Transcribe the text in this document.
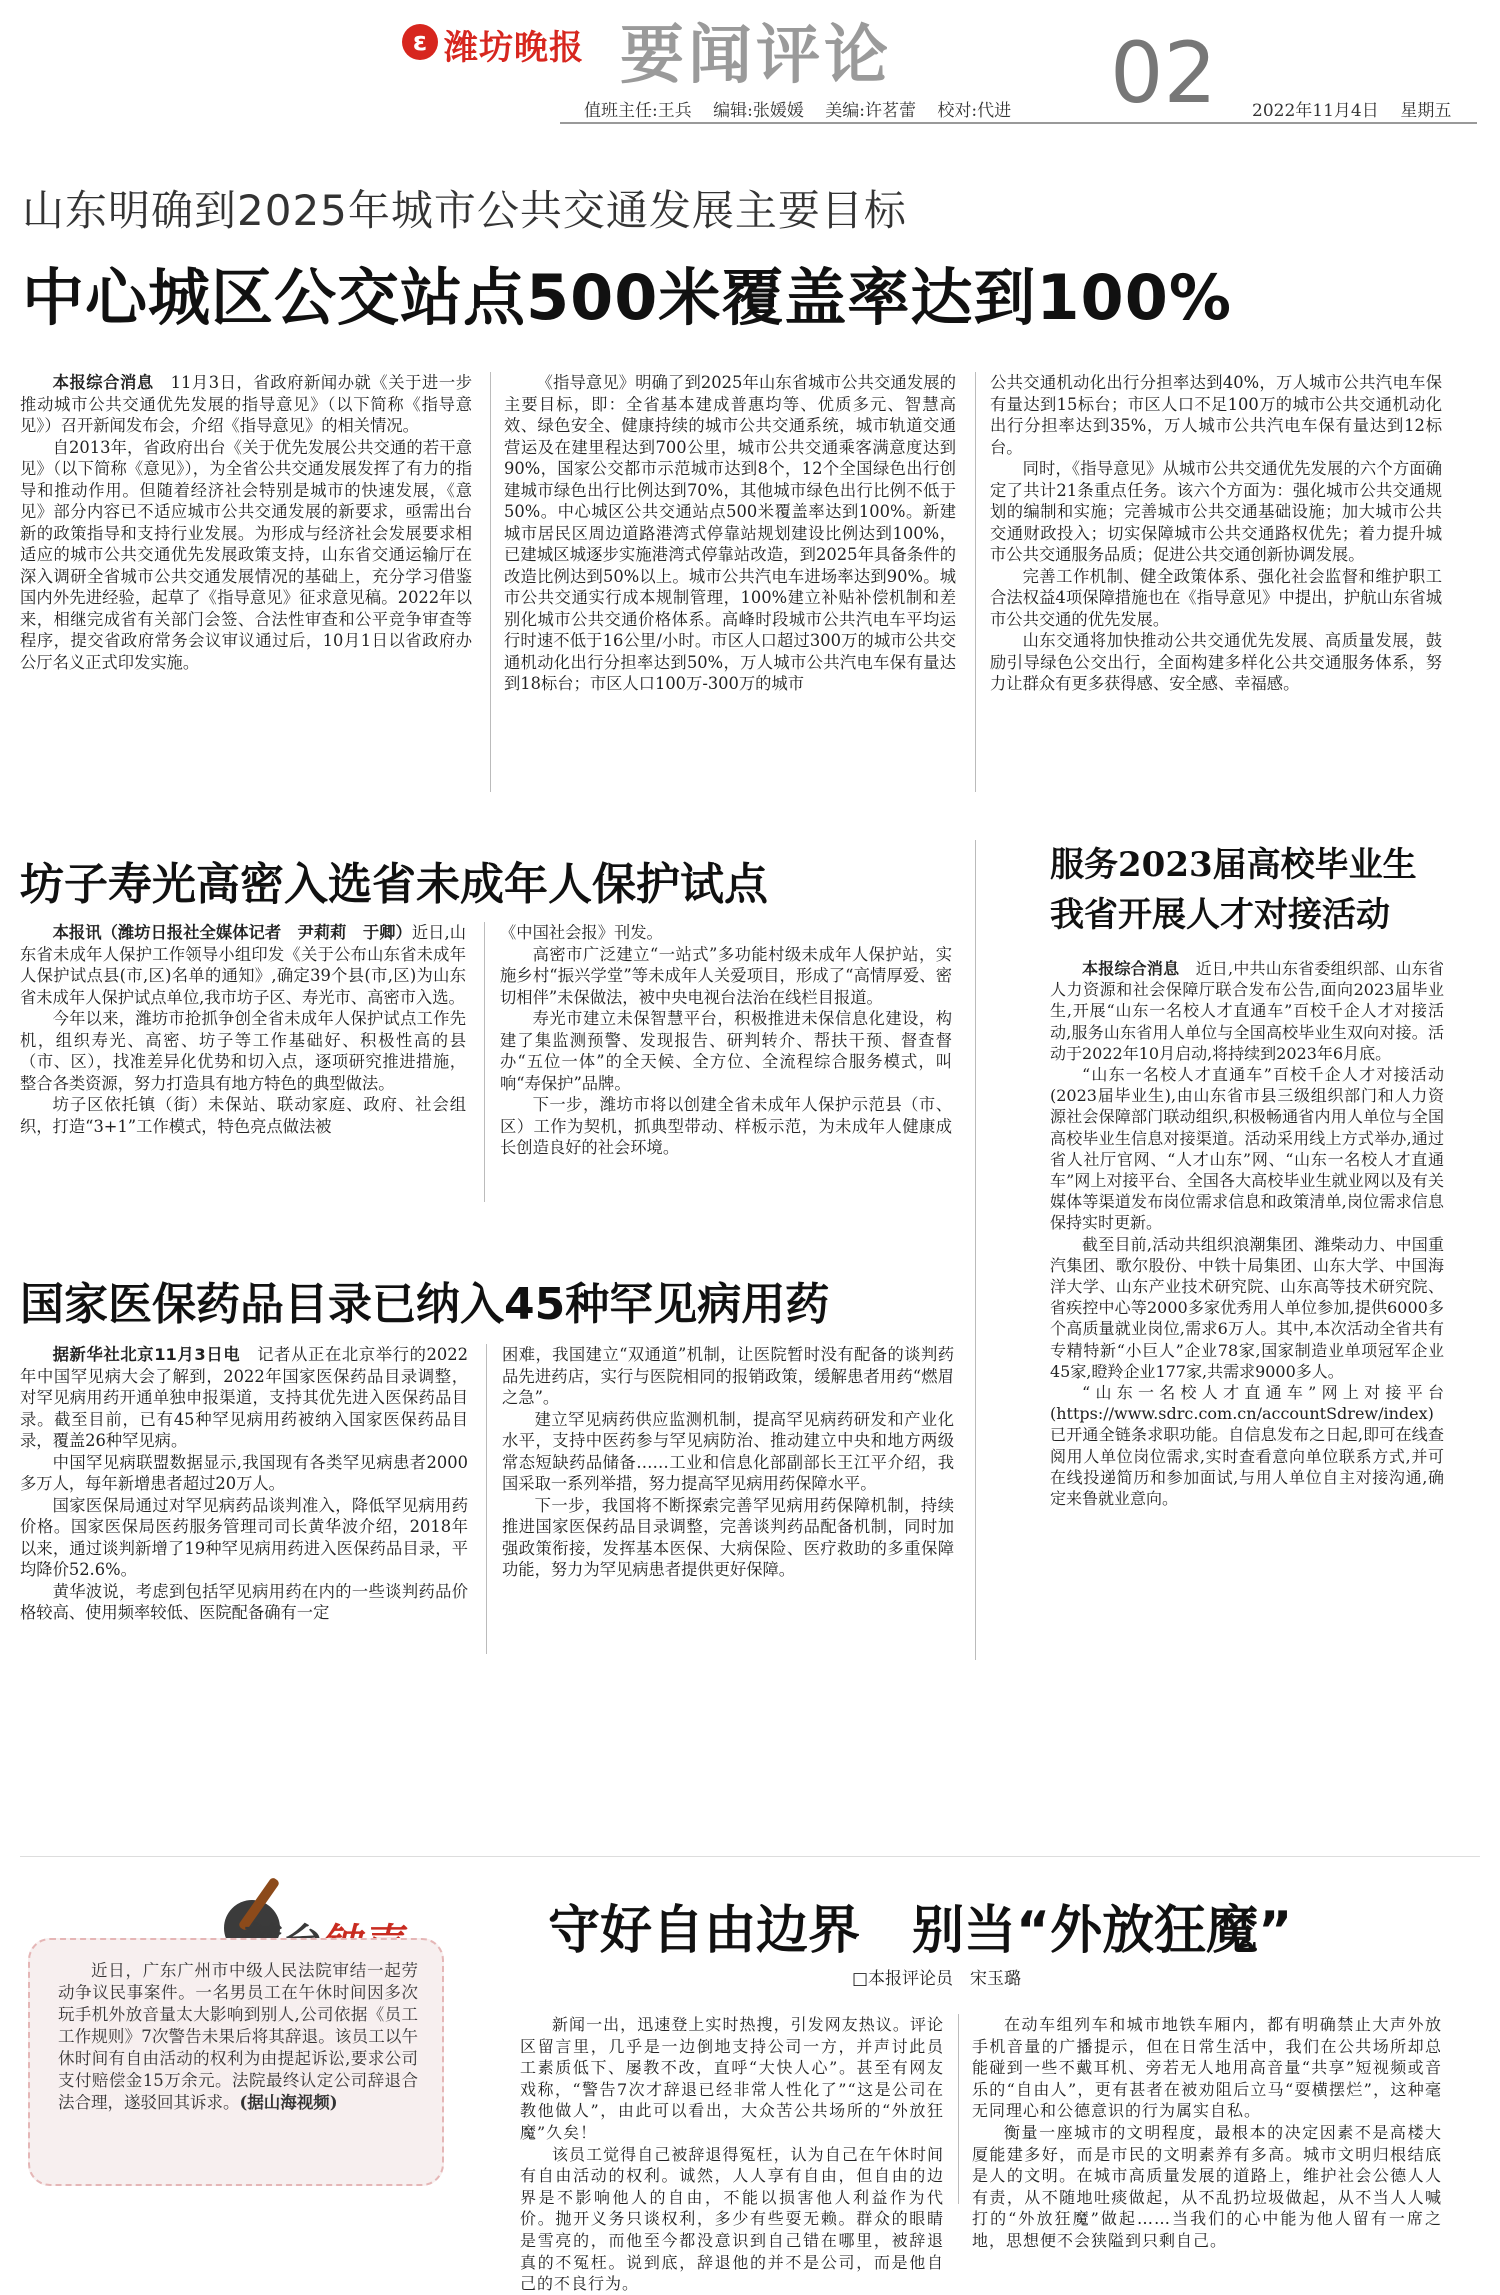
ε 潍坊晚报 要闻评论	02
值班主任:王兵 编辑:张媛媛 美编:许茗蕾 校对:代进	2022年11月4日 星期五
山东明确到2025年城市公共交通发展主要目标
中心城区公交站点500米覆盖率达到100%

本报综合消息　 11月3日，省政府新闻办就《关于进一步推动城市公共交通优先发展的指导意见》（以下简称《指导意见》）召开新闻发布会，介绍《指导意见》的相关情况。

自2013年，省政府出台《关于优先发展公共交通的若干意见》（以下简称《意见》），为全省公共交通发展发挥了有力的指导和推动作用。但随着经济社会特别是城市的快速发展，《意见》部分内容已不适应城市公共交通发展的新要求，亟需出台新的政策指导和支持行业发展。为形成与经济社会发展要求相适应的城市公共交通优先发展政策支持，山东省交通运输厅在深入调研全省城市公共交通发展情况的基础上，充分学习借鉴国内外先进经验，起草了《指导意见》征求意见稿。2022年以来，相继完成省有关部门会签、合法性审查和公平竞争审查等程序，提交省政府常务会议审议通过后，10月1日以省政府办公厅名义正式印发实施。

《指导意见》明确了到2025年山东省城市公共交通发展的主要目标，即：全省基本建成普惠均等、优质多元、智慧高效、绿色安全、健康持续的城市公共交通系统，城市轨道交通营运及在建里程达到700公里，城市公共交通乘客满意度达到90%，国家公交都市示范城市达到8个，12个全国绿色出行创建城市绿色出行比例达到70%，其他城市绿色出行比例不低于50%。中心城区公共交通站点500米覆盖率达到100%。新建城市居民区周边道路港湾式停靠站规划建设比例达到100%，已建城区城逐步实施港湾式停靠站改造，到2025年具备条件的改造比例达到50%以上。城市公共汽电车进场率达到90%。城市公共交通实行成本规制管理，100%建立补贴补偿机制和差别化城市公共交通价格体系。高峰时段城市公共汽电车平均运行时速不低于16公里/小时。市区人口超过300万的城市公共交通机动化出行分担率达到50%，万人城市公共汽电车保有量达到18标台；市区人口100万-300万的城市

公共交通机动化出行分担率达到40%，万人城市公共汽电车保有量达到15标台；市区人口不足100万的城市公共交通机动化出行分担率达到35%，万人城市公共汽电车保有量达到12标台。

同时，《指导意见》从城市公共交通优先发展的六个方面确定了共计21条重点任务。该六个方面为：强化城市公共交通规划的编制和实施；完善城市公共交通基础设施；加大城市公共交通财政投入；切实保障城市公共交通路权优先；着力提升城市公共交通服务品质；促进公共交通创新协调发展。

完善工作机制、健全政策体系、强化社会监督和维护职工合法权益4项保障措施也在《指导意见》中提出，护航山东省城市公共交通的优先发展。

山东交通将加快推动公共交通优先发展、高质量发展，鼓励引导绿色公交出行，全面构建多样化公共交通服务体系，努力让群众有更多获得感、安全感、幸福感。

坊子寿光高密入选省未成年人保护试点

本报讯（潍坊日报社全媒体记者　尹莉莉　于卿）近日,山东省未成年人保护工作领导小组印发《关于公布山东省未成年人保护试点县(市,区)名单的通知》,确定39个县(市,区)为山东省未成年人保护试点单位,我市坊子区、寿光市、高密市入选。

今年以来，潍坊市抢抓争创全省未成年人保护试点工作先机，组织寿光、高密、坊子等工作基础好、积极性高的县（市、区），找准差异化优势和切入点，逐项研究推进措施，整合各类资源，努力打造具有地方特色的典型做法。

坊子区依托镇（街）未保站、联动家庭、政府、社会组织，打造“3+1”工作模式，特色亮点做法被

《中国社会报》刊发。

高密市广泛建立“一站式”多功能村级未成年人保护站，实施乡村“振兴学堂”等未成年人关爱项目，形成了“高情厚爱、密切相伴”未保做法，被中央电视台法治在线栏目报道。

寿光市建立未保智慧平台，积极推进未保信息化建设，构建了集监测预警、发现报告、研判转介、帮扶干预、督查督办“五位一体”的全天候、全方位、全流程综合服务模式，叫响“寿保护”品牌。

下一步，潍坊市将以创建全省未成年人保护示范县（市、区）工作为契机，抓典型带动、样板示范，为未成年人健康成长创造良好的社会环境。

国家医保药品目录已纳入45种罕见病用药

据新华社北京11月3日电　 记者从正在北京举行的2022年中国罕见病大会了解到，2022年国家医保药品目录调整，对罕见病用药开通单独申报渠道，支持其优先进入医保药品目录。截至目前，已有45种罕见病用药被纳入国家医保药品目录，覆盖26种罕见病。

中国罕见病联盟数据显示,我国现有各类罕见病患者2000多万人，每年新增患者超过20万人。

国家医保局通过对罕见病药品谈判准入，降低罕见病用药价格。国家医保局医药服务管理司司长黄华波介绍，2018年以来，通过谈判新增了19种罕见病用药进入医保药品目录，平均降价52.6%。

黄华波说，考虑到包括罕见病用药在内的一些谈判药品价格较高、使用频率较低、医院配备确有一定

困难，我国建立“双通道”机制，让医院暂时没有配备的谈判药品先进药店，实行与医院相同的报销政策，缓解患者用药“燃眉之急”。

建立罕见病药供应监测机制，提高罕见病药研发和产业化水平，支持中医药参与罕见病防治、推动建立中央和地方两级常态短缺药品储备……工业和信息化部副部长王江平介绍，我国采取一系列举措，努力提高罕见病用药保障水平。

下一步，我国将不断探索完善罕见病用药保障机制，持续推进国家医保药品目录调整，完善谈判药品配备机制，同时加强政策衔接，发挥基本医保、大病保险、医疗救助的多重保障功能，努力为罕见病患者提供更好保障。

服务2023届高校毕业生
我省开展人才对接活动

本报综合消息　 近日,中共山东省委组织部、山东省人力资源和社会保障厅联合发布公告,面向2023届毕业生,开展“山东一名校人才直通车”百校千企人才对接活动,服务山东省用人单位与全国高校毕业生双向对接。活动于2022年10月启动,将持续到2023年6月底。

“山东一名校人才直通车”百校千企人才对接活动(2023届毕业生),由山东省市县三级组织部门和人力资源社会保障部门联动组织,积极畅通省内用人单位与全国高校毕业生信息对接渠道。活动采用线上方式举办,通过省人社厅官网、“人才山东”网、“山东一名校人才直通车”网上对接平台、全国各大高校毕业生就业网以及有关媒体等渠道发布岗位需求信息和政策清单,岗位需求信息保持实时更新。

截至目前,活动共组织浪潮集团、潍柴动力、中国重汽集团、歌尔股份、中铁十局集团、山东大学、中国海洋大学、山东产业技术研究院、山东高等技术研究院、省疾控中心等2000多家优秀用人单位参加,提供6000多个高质量就业岗位,需求6万人。其中,本次活动全省共有专精特新“小巨人”企业78家,国家制造业单项冠军企业45家,瞪羚企业177家,共需求9000多人。

“山东一名校人才直通车”网上对接平台(https://www.sdrc.com.cn/accountSdrew/index)已开通全链条求职功能。自信息发布之日起,即可在线查阅用人单位岗位需求,实时查看意向单位联系方式,并可在线投递简历和参加面试,与用人单位自主对接沟通,确定来鲁就业意向。

守好自由边界　别当“外放狂魔”
□本报评论员　宋玉璐
近日，广东广州市中级人民法院审结一起劳动争议民事案件。一名男员工在午休时间因多次玩手机外放音量太大影响到别人,公司依据《员工工作规则》7次警告未果后将其辞退。该员工以午休时间有自由活动的权利为由提起诉讼,要求公司支付赔偿金15万余元。法院最终认定公司辞退合法合理，遂驳回其诉求。(据山海视频)

新闻一出，迅速登上实时热搜，引发网友热议。评论区留言里，几乎是一边倒地支持公司一方，并声讨此员工素质低下、屡教不改，直呼“大快人心”。甚至有网友戏称，“警告7次才辞退已经非常人性化了”“这是公司在教他做人”，由此可以看出，大众苦公共场所的“外放狂魔”久矣！

该员工觉得自己被辞退得冤枉，认为自己在午休时间有自由活动的权利。诚然，人人享有自由，但自由的边界是不影响他人的自由，不能以损害他人利益作为代价。抛开义务只谈权利，多少有些耍无赖。群众的眼睛是雪亮的，而他至今都没意识到自己错在哪里，被辞退真的不冤枉。说到底，辞退他的并不是公司，而是他自己的不良行为。

在动车组列车和城市地铁车厢内，都有明确禁止大声外放手机音量的广播提示，但在日常生活中，我们在公共场所却总能碰到一些不戴耳机、旁若无人地用高音量“共享”短视频或音乐的“自由人”，更有甚者在被劝阻后立马“耍横摆烂”，这种毫无同理心和公德意识的行为属实自私。

衡量一座城市的文明程度，最根本的决定因素不是高楼大厦能建多好，而是市民的文明素养有多高。城市文明归根结底是人的文明。在城市高质量发展的道路上，维护社会公德人人有责，从不随地吐痰做起，从不乱扔垃圾做起，从不当人人喊打的“外放狂魔”做起……当我们的心中能为他人留有一席之地，思想便不会狭隘到只剩自己。
